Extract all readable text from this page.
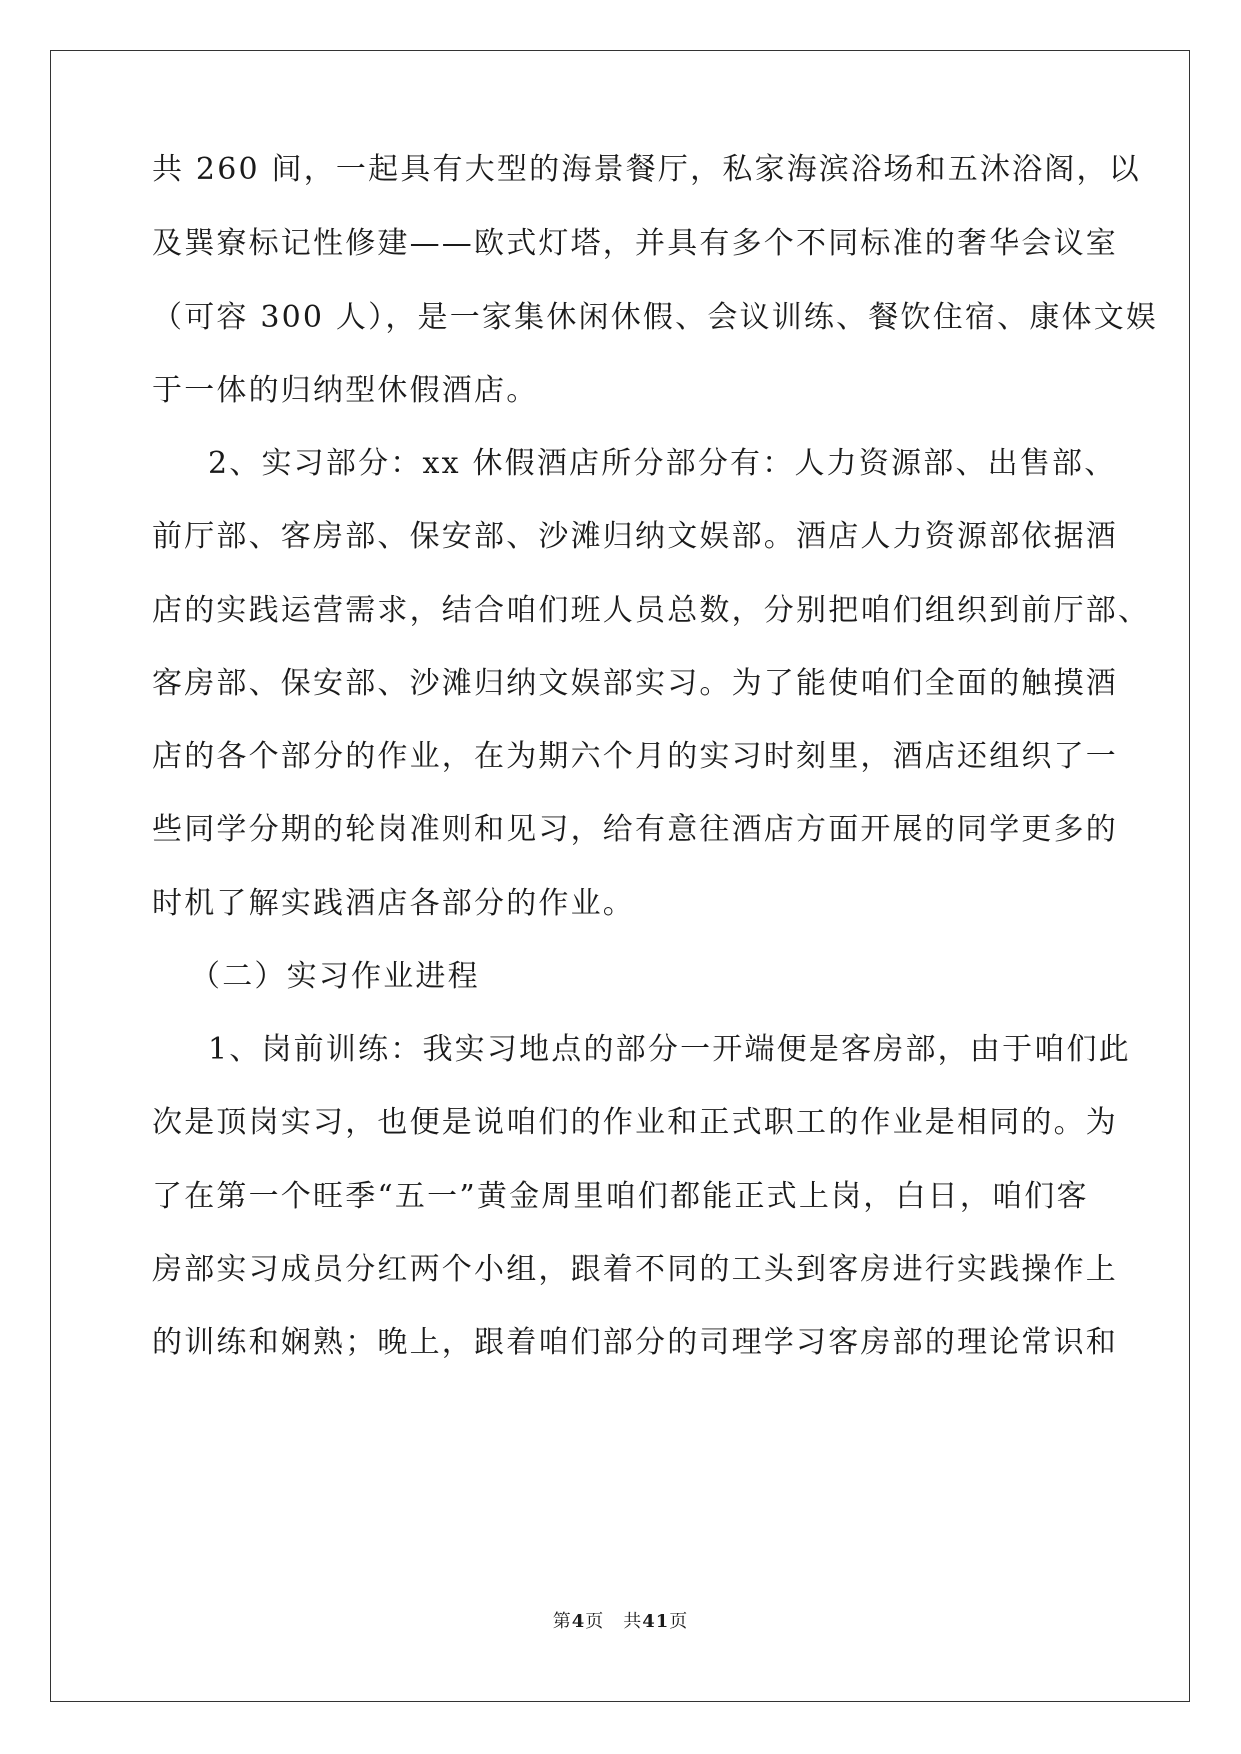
共 260 间，一起具有大型的海景餐厅，私家海滨浴场和五沐浴阁，以
及巽寮标记性修建——欧式灯塔，并具有多个不同标准的奢华会议室
（可容 300 人），是一家集休闲休假、会议训练、餐饮住宿、康体文娱
于一体的归纳型休假酒店。
2、实习部分：xx 休假酒店所分部分有：人力资源部、出售部、
前厅部、客房部、保安部、沙滩归纳文娱部。酒店人力资源部依据酒
店的实践运营需求，结合咱们班人员总数，分别把咱们组织到前厅部、
客房部、保安部、沙滩归纳文娱部实习。为了能使咱们全面的触摸酒
店的各个部分的作业，在为期六个月的实习时刻里，酒店还组织了一
些同学分期的轮岗准则和见习，给有意往酒店方面开展的同学更多的
时机了解实践酒店各部分的作业。
（二）实习作业进程
1、岗前训练：我实习地点的部分一开端便是客房部，由于咱们此
次是顶岗实习，也便是说咱们的作业和正式职工的作业是相同的。为
了在第一个旺季“五一”黄金周里咱们都能正式上岗，白日，咱们客
房部实习成员分红两个小组，跟着不同的工头到客房进行实践操作上
的训练和娴熟；晚上，跟着咱们部分的司理学习客房部的理论常识和
第4页　共41页
